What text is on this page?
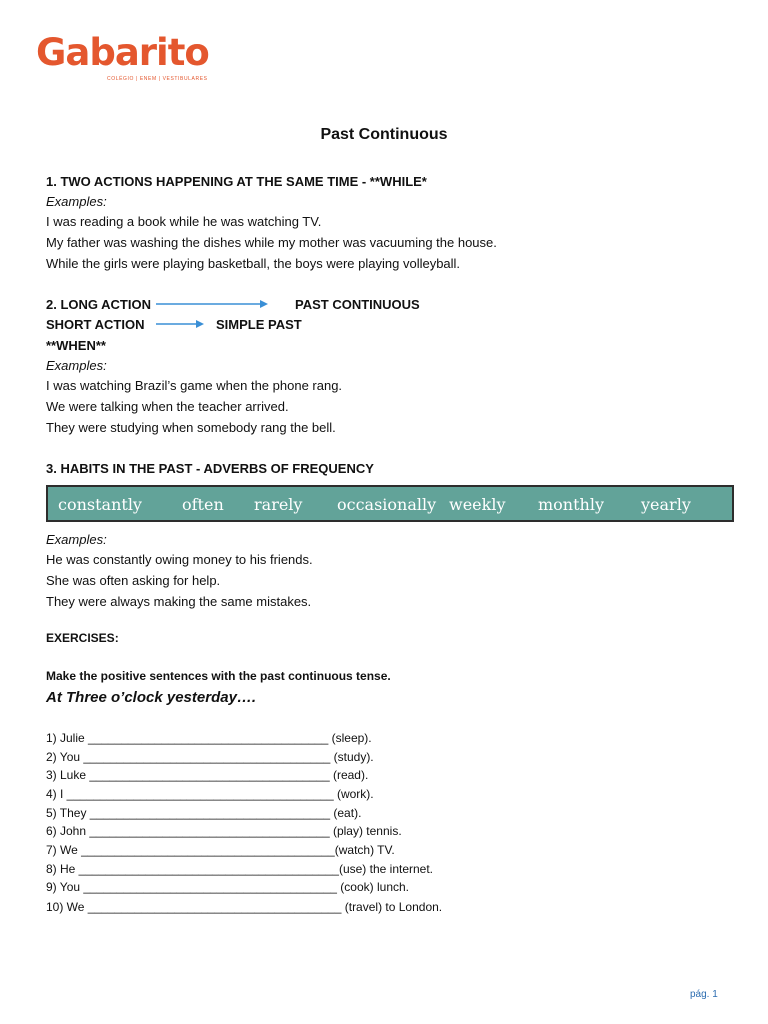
Gabarito
COLÉGIO | ENEM | VESTIBULARES
Past Continuous
1. TWO ACTIONS HAPPENING AT THE SAME TIME - **WHILE*
Examples:
I was reading a book while he was watching TV.
My father was washing the dishes while my mother was vacuuming the house.
While the girls were playing basketball, the boys were playing volleyball.
2. LONG ACTION	PAST CONTINUOUS
SHORT ACTION	SIMPLE PAST
**WHEN**
Examples:
I was watching Brazil’s game when the phone rang.
We were talking when the teacher arrived.
They were studying when somebody rang the bell.
3. HABITS IN THE PAST - ADVERBS OF FREQUENCY
constantly	often rarely occasionally weekly monthly yearly
Examples:
He was constantly owing money to his friends.
She was often asking for help.
They were always making the same mistakes.
EXERCISES:
Make the positive sentences with the past continuous tense.
At Three o’clock yesterday….
1) Julie ____________________________________ (sleep).
2) You _____________________________________ (study).
3) Luke ____________________________________ (read).
4) I ________________________________________ (work).
5) They ____________________________________ (eat).
6) John ____________________________________ (play) tennis.
7) We ______________________________________(watch) TV.
8) He _______________________________________(use) the internet.
9) You ______________________________________ (cook) lunch.
10) We ______________________________________ (travel) to London.
pág. 1
